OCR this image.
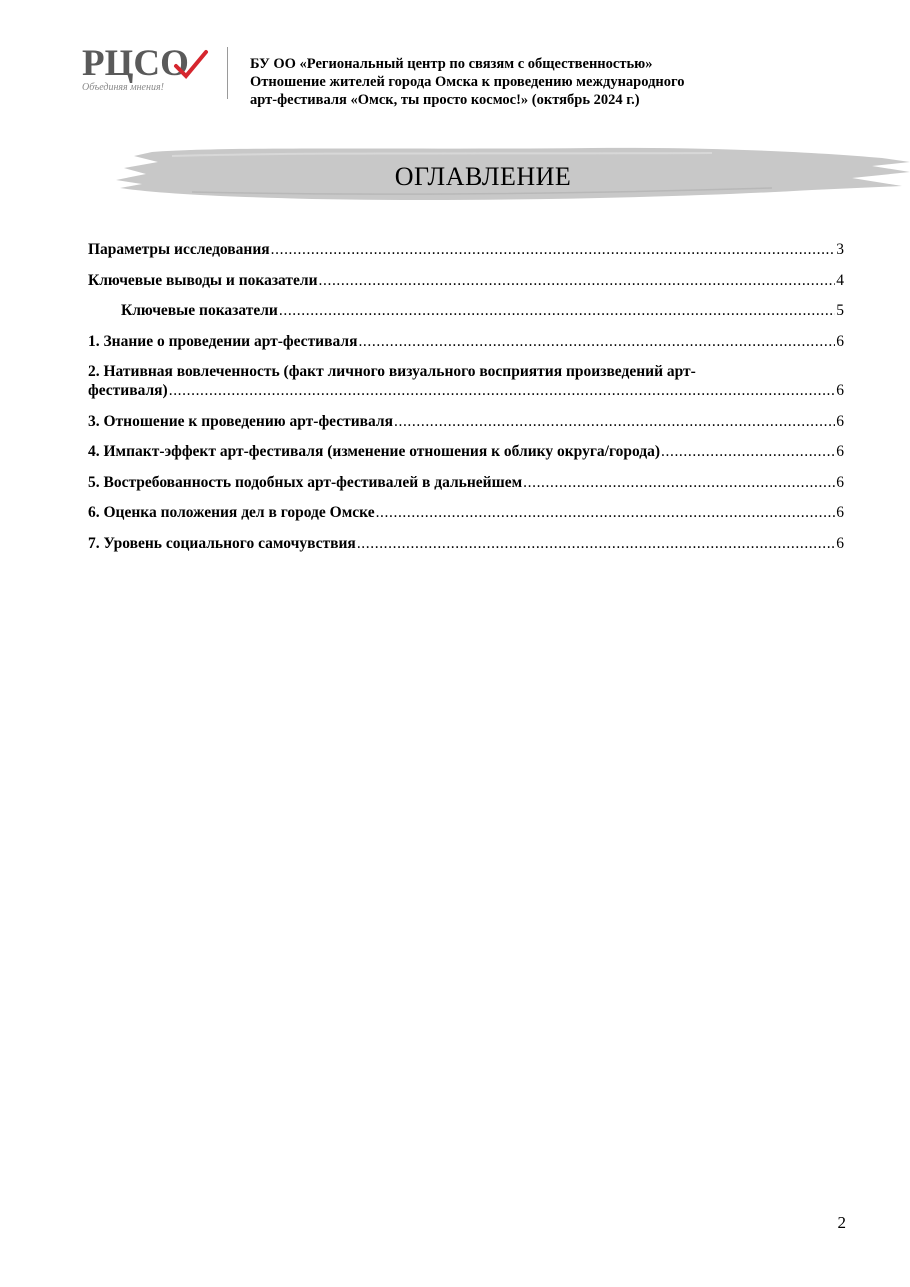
РЦСО
Объединяя мнения!
БУ ОО «Региональный центр по связям с общественностью»
Отношение жителей города Омска к проведению международного
арт-фестиваля «Омск, ты просто космос!» (октябрь 2024 г.)
ОГЛАВЛЕНИЕ
Параметры исследования .....	3
Ключевые выводы и показатели .....	4
Ключевые показатели .....	5
1. Знание о проведении арт-фестиваля .....	6
2. Нативная вовлеченность (факт личного визуального восприятия произведений арт-
фестиваля) .....	6
3. Отношение к проведению арт-фестиваля .....	6
4. Импакт-эффект арт-фестиваля (изменение отношения к облику округа/города) .....	6
5. Востребованность подобных арт-фестивалей в дальнейшем .....	6
6. Оценка положения дел в городе Омске .....	6
7. Уровень социального самочувствия .....	6
2
